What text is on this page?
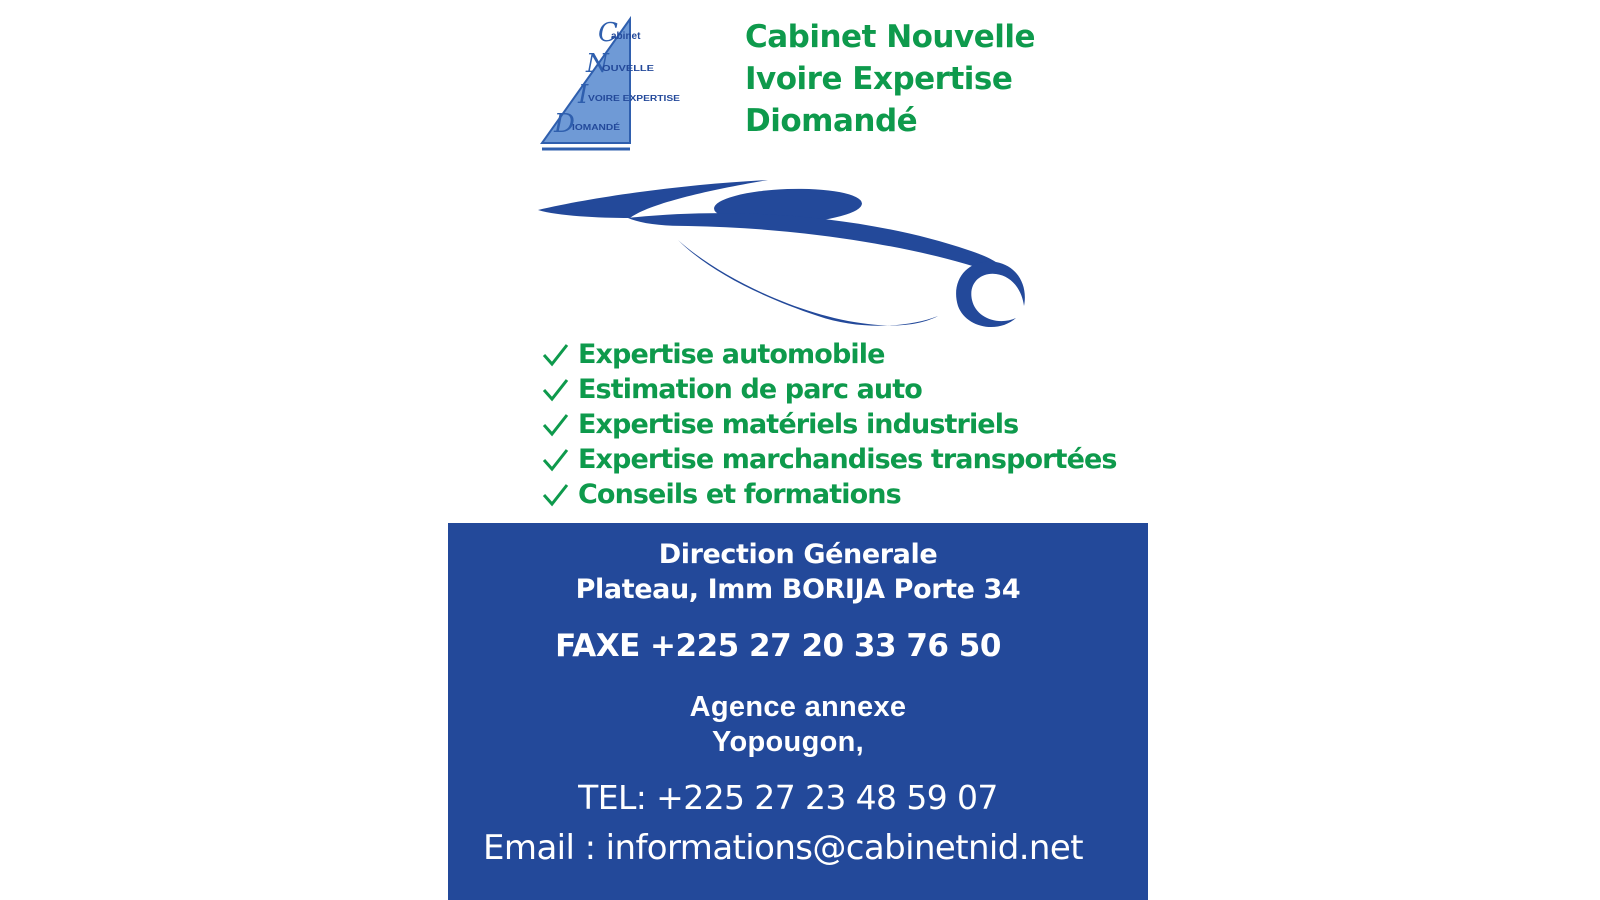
C
abinet
N
OUVELLE
I VOIRE EXPERTISE
D
IOMANDÉ
Cabinet Nouvelle
Ivoire Expertise
Diomandé
Expertise automobile
Estimation de parc auto
Expertise matériels industriels
Expertise marchandises transportées
Conseils et formations
Direction Génerale
Plateau, Imm BORIJA Porte 34
FAXE +225 27 20 33 76 50
Agence annexe
Yopougon,
TEL: +225 27 23 48 59 07
Email : informations@cabinetnid.net
